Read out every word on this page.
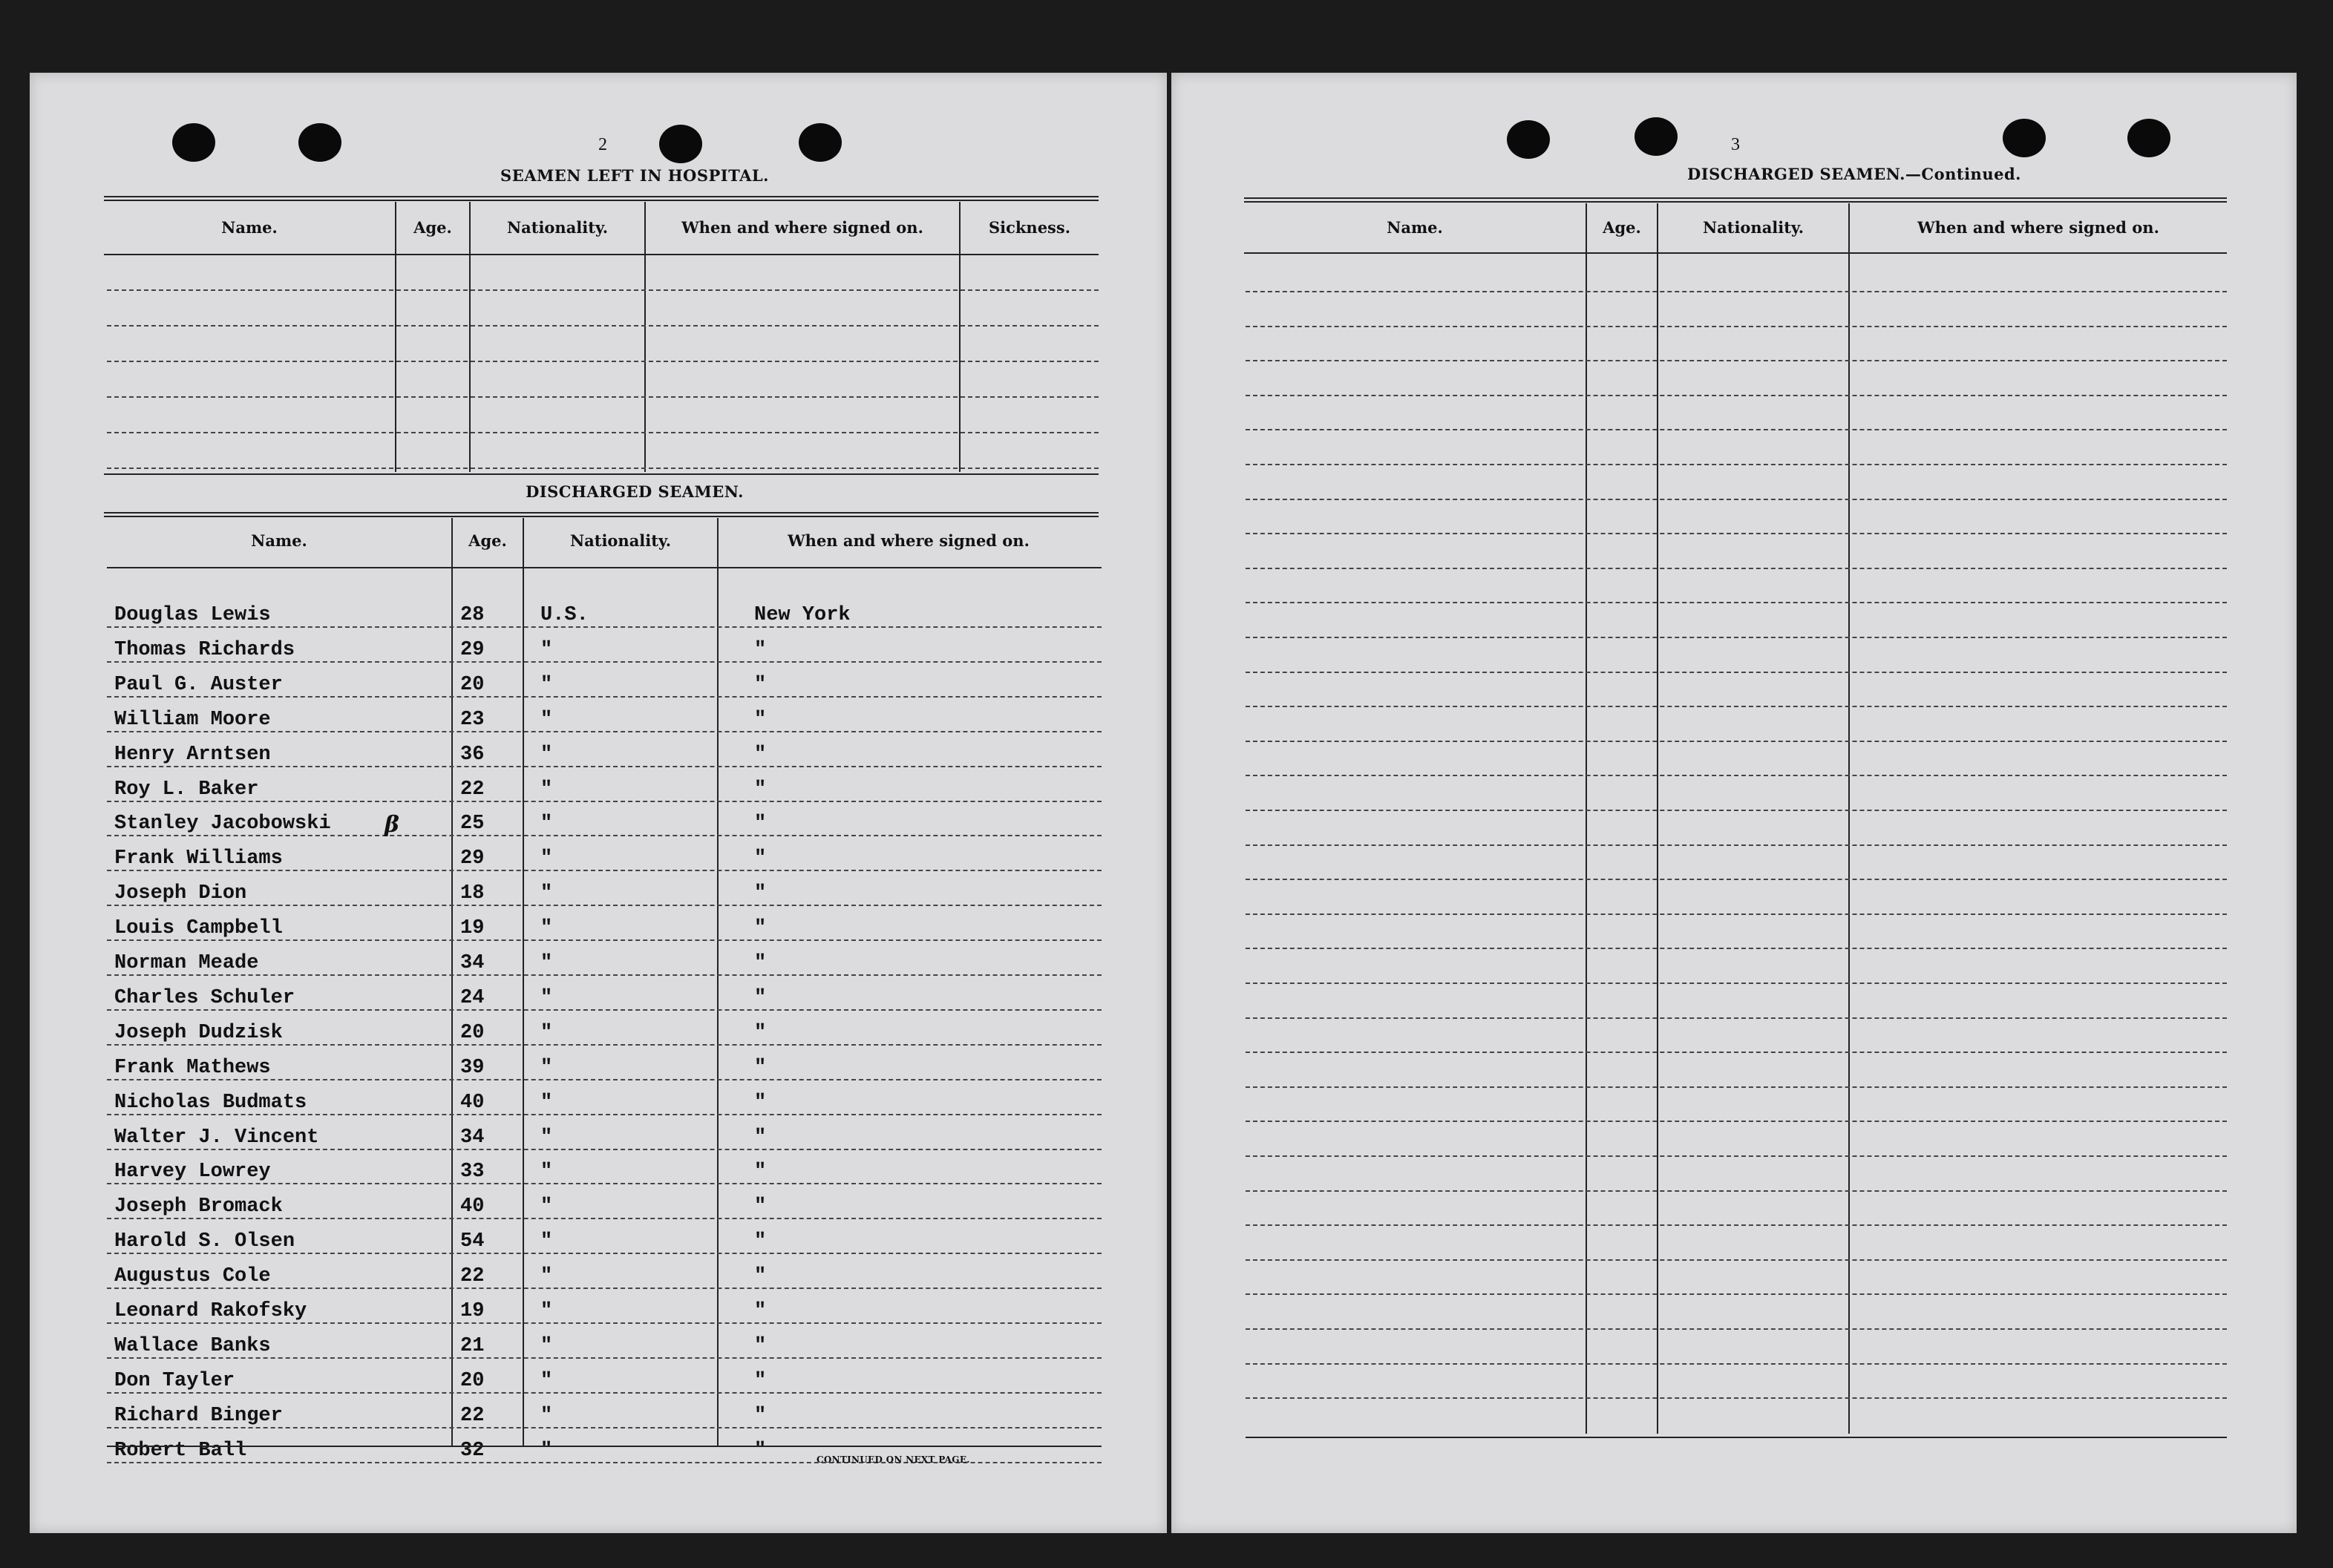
2
SEAMEN LEFT IN HOSPITAL.
Name.	Age.	Nationality.	When and where signed on.	Sickness.
DISCHARGED SEAMEN.
Name.	Age.	Nationality.	When and where signed on.
Douglas Lewis	28	U.S.	New York
Thomas Richards	29	"	"
Paul G. Auster	20	"	"
William Moore	23	"	"
Henry Arntsen	36	"	"
Roy L. Baker	22	"	"
Stanley Jacobowski	25	"	"
Frank Williams	29	"	"
Joseph Dion	18	"	"
Louis Campbell	19	"	"
Norman Meade	34	"	"
Charles Schuler	24	"	"
Joseph Dudzisk	20	"	"
Frank Mathews	39	"	"
Nicholas Budmats	40	"	"
Walter J. Vincent	34	"	"
Harvey Lowrey	33	"	"
Joseph Bromack	40	"	"
Harold S. Olsen	54	"	"
Augustus Cole	22	"	"
Leonard Rakofsky	19	"	"
Wallace Banks	21	"	"
Don Tayler	20	"	"
Richard Binger	22	"	"
Robert Ball	32	"	"
β
CONTINUED ON NEXT PAGE.
3
DISCHARGED SEAMEN.—Continued.
Name.	Age.	Nationality.	When and where signed on.
